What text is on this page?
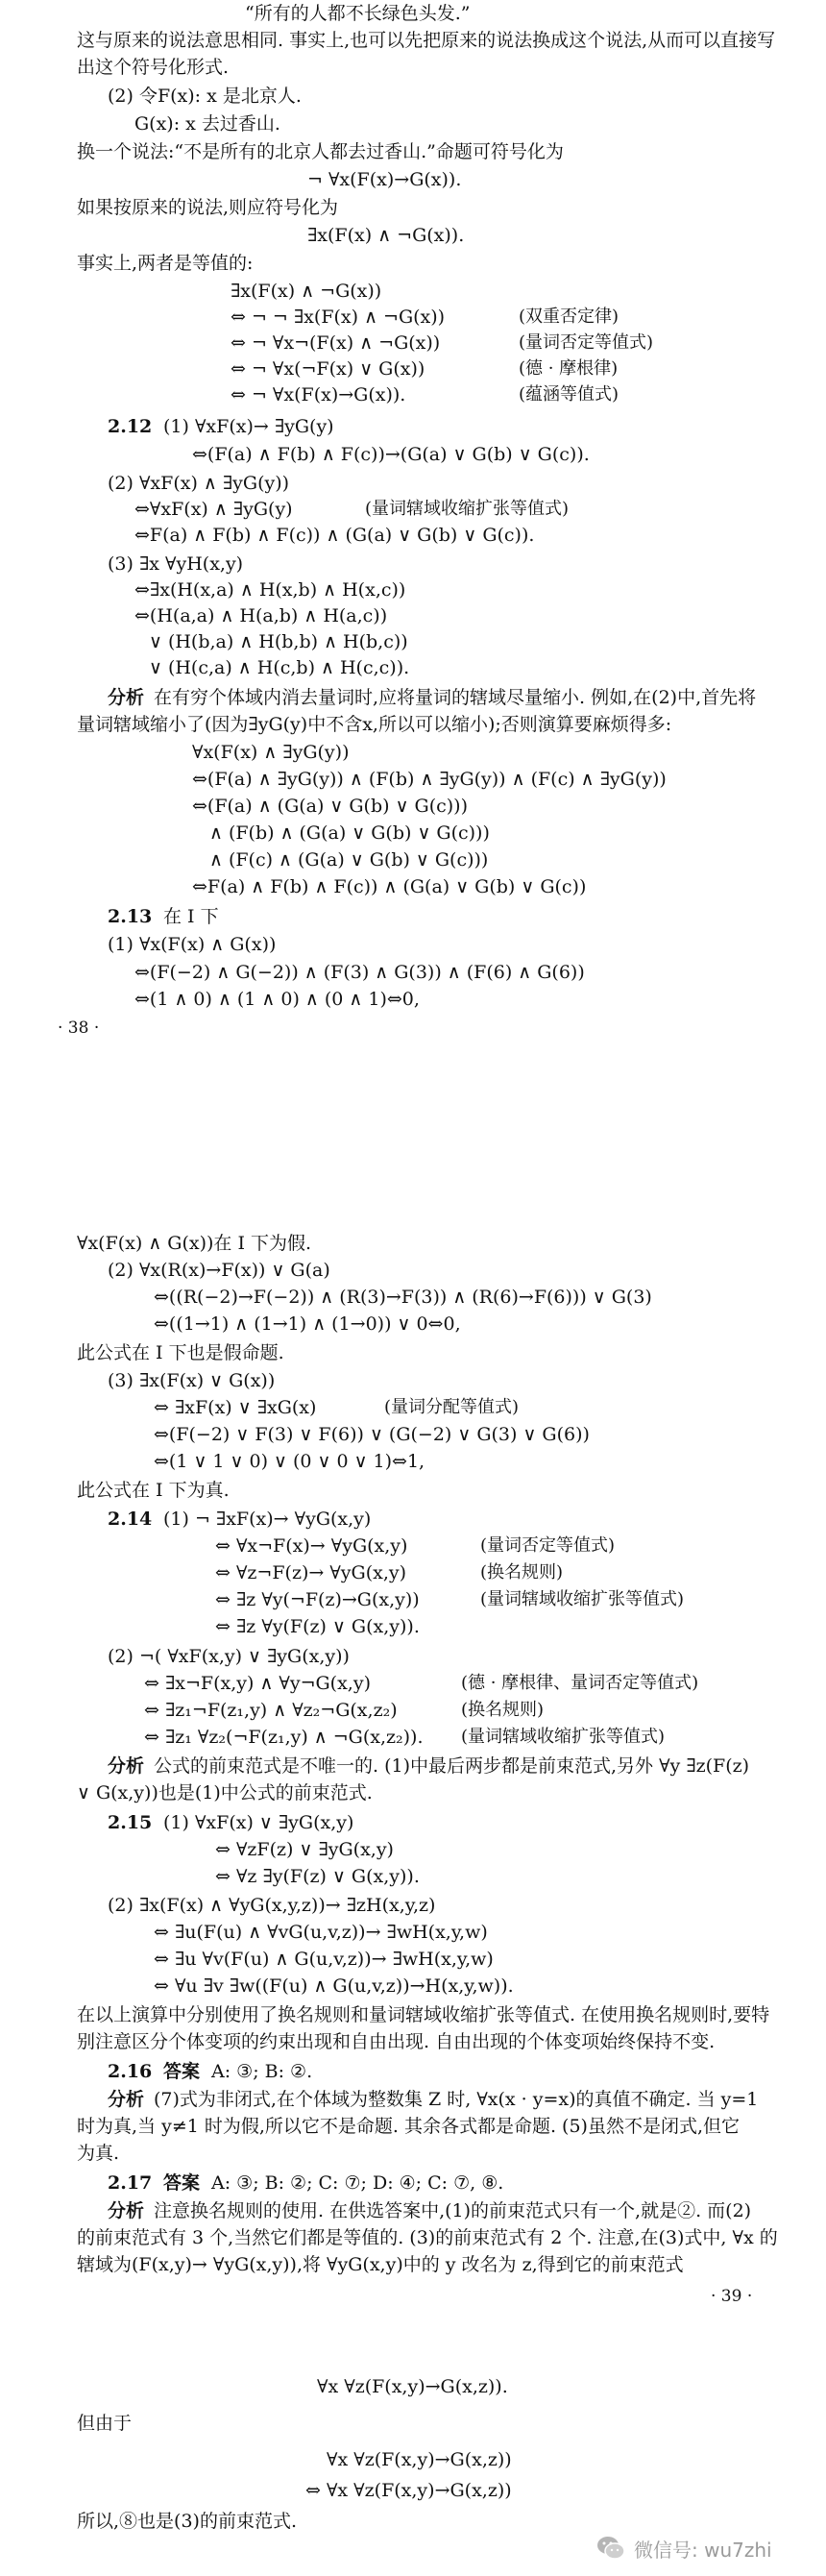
“所有的人都不长绿色头发.”
这与原来的说法意思相同. 事实上,也可以先把原来的说法换成这个说法,从而可以直接写
出这个符号化形式.
(2) 令F(x): x 是北京人.
G(x): x 去过香山.
换一个说法:“不是所有的北京人都去过香山.”命题可符号化为
¬ ∀x(F(x)→G(x)).
如果按原来的说法,则应符号化为
∃x(F(x) ∧ ¬G(x)).
事实上,两者是等值的:
∃x(F(x) ∧ ¬G(x))
⇔ ¬ ¬ ∃x(F(x) ∧ ¬G(x))	(双重否定律)
⇔ ¬ ∀x¬(F(x) ∧ ¬G(x))	(量词否定等值式)
⇔ ¬ ∀x(¬F(x) ∨ G(x))	(德 · 摩根律)
⇔ ¬ ∀x(F(x)→G(x)).	(蕴涵等值式)
2.12 (1) ∀xF(x)→ ∃yG(y)
⇔(F(a) ∧ F(b) ∧ F(c))→(G(a) ∨ G(b) ∨ G(c)).
(2) ∀xF(x) ∧ ∃yG(y))
⇔∀xF(x) ∧ ∃yG(y)	(量词辖域收缩扩张等值式)
⇔F(a) ∧ F(b) ∧ F(c)) ∧ (G(a) ∨ G(b) ∨ G(c)).
(3) ∃x ∀yH(x,y)
⇔∃x(H(x,a) ∧ H(x,b) ∧ H(x,c))
⇔(H(a,a) ∧ H(a,b) ∧ H(a,c))
∨ (H(b,a) ∧ H(b,b) ∧ H(b,c))
∨ (H(c,a) ∧ H(c,b) ∧ H(c,c)).
分析 在有穷个体域内消去量词时,应将量词的辖域尽量缩小. 例如,在(2)中,首先将
量词辖域缩小了(因为∃yG(y)中不含x,所以可以缩小);否则演算要麻烦得多:
∀x(F(x) ∧ ∃yG(y))
⇔(F(a) ∧ ∃yG(y)) ∧ (F(b) ∧ ∃yG(y)) ∧ (F(c) ∧ ∃yG(y))
⇔(F(a) ∧ (G(a) ∨ G(b) ∨ G(c)))
∧ (F(b) ∧ (G(a) ∨ G(b) ∨ G(c)))
∧ (F(c) ∧ (G(a) ∨ G(b) ∨ G(c)))
⇔F(a) ∧ F(b) ∧ F(c)) ∧ (G(a) ∨ G(b) ∨ G(c))
2.13 在 I 下
(1) ∀x(F(x) ∧ G(x))
⇔(F(−2) ∧ G(−2)) ∧ (F(3) ∧ G(3)) ∧ (F(6) ∧ G(6))
⇔(1 ∧ 0) ∧ (1 ∧ 0) ∧ (0 ∧ 1)⇔0,
· 38 ·
∀x(F(x) ∧ G(x))在 I 下为假.
(2) ∀x(R(x)→F(x)) ∨ G(a)
⇔((R(−2)→F(−2)) ∧ (R(3)→F(3)) ∧ (R(6)→F(6))) ∨ G(3)
⇔((1→1) ∧ (1→1) ∧ (1→0)) ∨ 0⇔0,
此公式在 I 下也是假命题.
(3) ∃x(F(x) ∨ G(x))
⇔ ∃xF(x) ∨ ∃xG(x)	(量词分配等值式)
⇔(F(−2) ∨ F(3) ∨ F(6)) ∨ (G(−2) ∨ G(3) ∨ G(6))
⇔(1 ∨ 1 ∨ 0) ∨ (0 ∨ 0 ∨ 1)⇔1,
此公式在 I 下为真.
2.14 (1) ¬ ∃xF(x)→ ∀yG(x,y)
⇔ ∀x¬F(x)→ ∀yG(x,y)	(量词否定等值式)
⇔ ∀z¬F(z)→ ∀yG(x,y)	(换名规则)
⇔ ∃z ∀y(¬F(z)→G(x,y))	(量词辖域收缩扩张等值式)
⇔ ∃z ∀y(F(z) ∨ G(x,y)).
(2) ¬( ∀xF(x,y) ∨ ∃yG(x,y))
⇔ ∃x¬F(x,y) ∧ ∀y¬G(x,y)	(德 · 摩根律、量词否定等值式)
⇔ ∃z₁¬F(z₁,y) ∧ ∀z₂¬G(x,z₂)	(换名规则)
⇔ ∃z₁ ∀z₂(¬F(z₁,y) ∧ ¬G(x,z₂)). (量词辖域收缩扩张等值式)
分析 公式的前束范式是不唯一的. (1)中最后两步都是前束范式,另外 ∀y ∃z(F(z)
∨ G(x,y))也是(1)中公式的前束范式.
2.15 (1) ∀xF(x) ∨ ∃yG(x,y)
⇔ ∀zF(z) ∨ ∃yG(x,y)
⇔ ∀z ∃y(F(z) ∨ G(x,y)).
(2) ∃x(F(x) ∧ ∀yG(x,y,z))→ ∃zH(x,y,z)
⇔ ∃u(F(u) ∧ ∀vG(u,v,z))→ ∃wH(x,y,w)
⇔ ∃u ∀v(F(u) ∧ G(u,v,z))→ ∃wH(x,y,w)
⇔ ∀u ∃v ∃w((F(u) ∧ G(u,v,z))→H(x,y,w)).
在以上演算中分别使用了换名规则和量词辖域收缩扩张等值式. 在使用换名规则时,要特
别注意区分个体变项的约束出现和自由出现. 自由出现的个体变项始终保持不变.
2.16 答案 A: ③; B: ②.
分析 (7)式为非闭式,在个体域为整数集 Z 时, ∀x(x · y=x)的真值不确定. 当 y=1
时为真,当 y≠1 时为假,所以它不是命题. 其余各式都是命题. (5)虽然不是闭式,但它
为真.
2.17 答案 A: ③; B: ②; C: ⑦; D: ④; C: ⑦, ⑧.
分析 注意换名规则的使用. 在供选答案中,(1)的前束范式只有一个,就是②. 而(2)
的前束范式有 3 个,当然它们都是等值的. (3)的前束范式有 2 个. 注意,在(3)式中, ∀x 的
辖域为(F(x,y)→ ∀yG(x,y)),将 ∀yG(x,y)中的 y 改名为 z,得到它的前束范式
· 39 ·
∀x ∀z(F(x,y)→G(x,z)).
但由于
∀x ∀z(F(x,y)→G(x,z))
⇔ ∀x ∀z(F(x,y)→G(x,z))
所以,⑧也是(3)的前束范式.
微信号: wu7zhi
